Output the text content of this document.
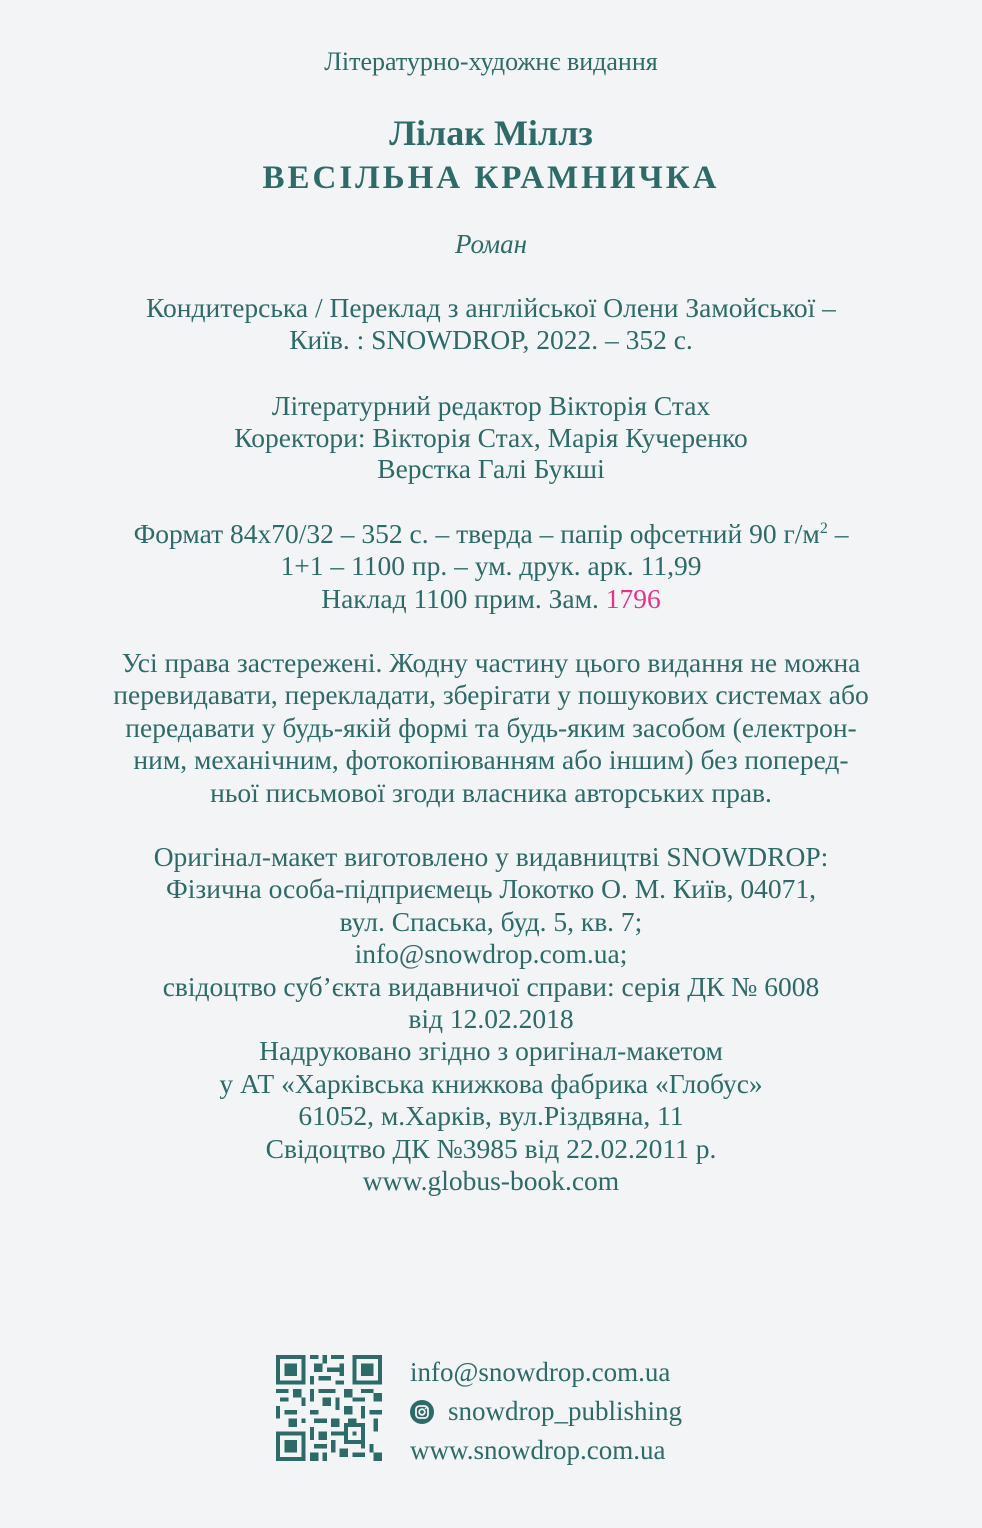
Літературно-художнє видання
Лілак Міллз
ВЕСІЛЬНА КРАМНИЧКА
Роман
Кондитерська / Переклад з англійської Олени Замойської –
Київ. : SNOWDROP, 2022. – 352 с.
Літературний редактор Вікторія Стах
Коректори: Вікторія Стах, Марія Кучеренко
Верстка Галі Букші
Формат 84х70/32 – 352 с. – тверда – папір офсетний 90 $г/м^2$ –
1+1 – 1100 пр. – ум. друк. арк. 11,99
Наклад 1100 прим. Зам. 1796
Усі права застережені. Жодну частину цього видання не можна
перевидавати, перекладати, зберігати у пошукових системах або
передавати у будь-якій формі та будь-яким засобом (електрон-
ним, механічним, фотокопіюванням або іншим) без поперед-
ньої письмової згоди власника авторських прав.
Оригінал-макет виготовлено у видавництві SNOWDROP:
Фізична особа-підприємець Локотко О. М. Київ, 04071,
вул. Спаська, буд. 5, кв. 7;
info@snowdrop.com.ua;
свідоцтво суб’єкта видавничої справи: серія ДК № 6008
від 12.02.2018
Надруковано згідно з оригінал-макетом
у АТ «Харківська книжкова фабрика «Глобус»
61052, м.Харків, вул.Різдвяна, 11
Свідоцтво ДК №3985 від 22.02.2011 р.
www.globus-book.com
info@snowdrop.com.ua
snowdrop_publishing
www.snowdrop.com.ua
